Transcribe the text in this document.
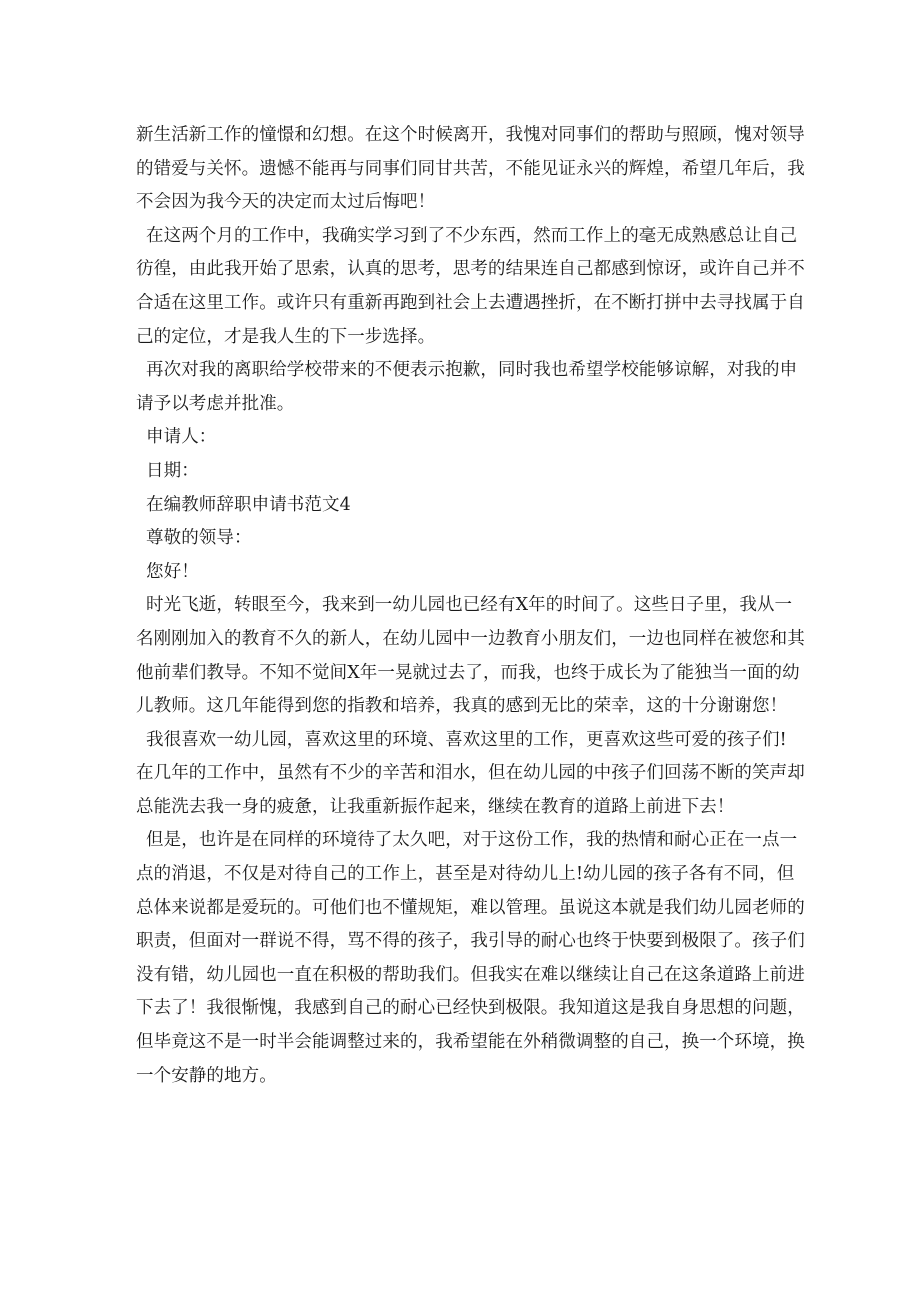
新生活新工作的憧憬和幻想。在这个时候离开，我愧对同事们的帮助与照顾，愧对领导
的错爱与关怀。遗憾不能再与同事们同甘共苦，不能见证永兴的辉煌，希望几年后，我
不会因为我今天的决定而太过后悔吧！
在这两个月的工作中，我确实学习到了不少东西，然而工作上的毫无成熟感总让自己
彷徨，由此我开始了思索，认真的思考，思考的结果连自己都感到惊讶，或许自己并不
合适在这里工作。或许只有重新再跑到社会上去遭遇挫折，在不断打拼中去寻找属于自
己的定位，才是我人生的下一步选择。
再次对我的离职给学校带来的不便表示抱歉，同时我也希望学校能够谅解，对我的申
请予以考虑并批准。
申请人：
日期：
在编教师辞职申请书范文4
尊敬的领导：
您好！
时光飞逝，转眼至今，我来到一幼儿园也已经有X年的时间了。这些日子里，我从一
名刚刚加入的教育不久的新人，在幼儿园中一边教育小朋友们，一边也同样在被您和其
他前辈们教导。不知不觉间X年一晃就过去了，而我，也终于成长为了能独当一面的幼
儿教师。这几年能得到您的指教和培养，我真的感到无比的荣幸，这的十分谢谢您！
我很喜欢一幼儿园，喜欢这里的环境、喜欢这里的工作，更喜欢这些可爱的孩子们!
在几年的工作中，虽然有不少的辛苦和泪水，但在幼儿园的中孩子们回荡不断的笑声却
总能洗去我一身的疲惫，让我重新振作起来，继续在教育的道路上前进下去！
但是，也许是在同样的环境待了太久吧，对于这份工作，我的热情和耐心正在一点一
点的消退，不仅是对待自己的工作上，甚至是对待幼儿上!幼儿园的孩子各有不同，但
总体来说都是爱玩的。可他们也不懂规矩，难以管理。虽说这本就是我们幼儿园老师的
职责，但面对一群说不得，骂不得的孩子，我引导的耐心也终于快要到极限了。孩子们
没有错，幼儿园也一直在积极的帮助我们。但我实在难以继续让自己在这条道路上前进
下去了！我很惭愧，我感到自己的耐心已经快到极限。我知道这是我自身思想的问题，
但毕竟这不是一时半会能调整过来的，我希望能在外稍微调整的自己，换一个环境，换
一个安静的地方。
